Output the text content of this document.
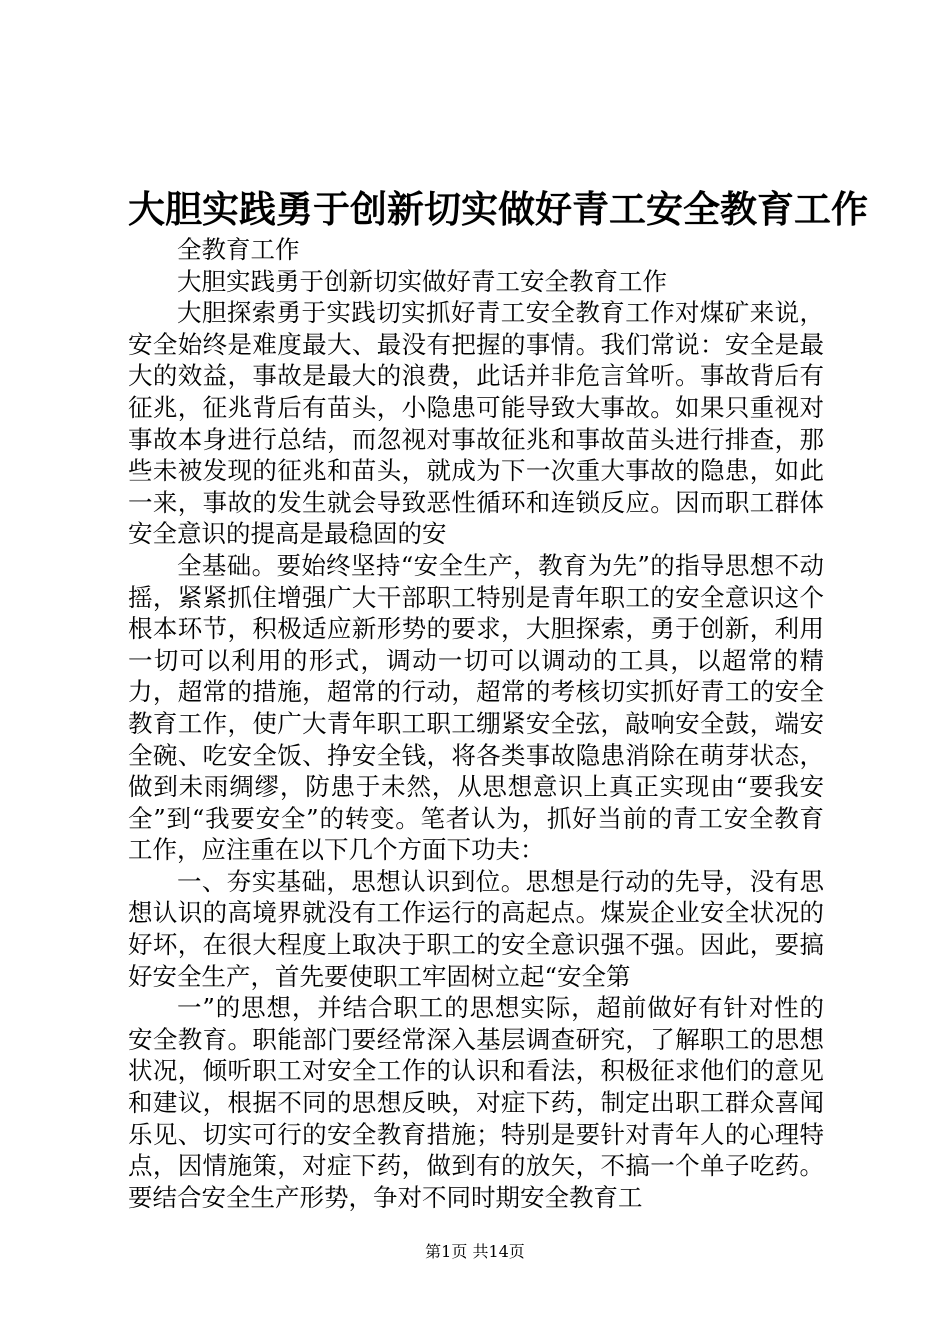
大胆实践勇于创新切实做好青工安全教育工作

全教育工作

大胆实践勇于创新切实做好青工安全教育工作

大胆探索勇于实践切实抓好青工安全教育工作对煤矿来说，安全始终是难度最大、最没有把握的事情。我们常说：安全是最大的效益，事故是最大的浪费，此话并非危言耸听。事故背后有征兆，征兆背后有苗头，小隐患可能导致大事故。如果只重视对事故本身进行总结，而忽视对事故征兆和事故苗头进行排查，那些未被发现的征兆和苗头，就成为下一次重大事故的隐患，如此一来，事故的发生就会导致恶性循环和连锁反应。因而职工群体安全意识的提高是最稳固的安

全基础。要始终坚持“安全生产，教育为先”的指导思想不动摇，紧紧抓住增强广大干部职工特别是青年职工的安全意识这个根本环节，积极适应新形势的要求，大胆探索，勇于创新，利用一切可以利用的形式，调动一切可以调动的工具，以超常的精力，超常的措施，超常的行动，超常的考核切实抓好青工的安全教育工作，使广大青年职工职工绷紧安全弦，敲响安全鼓，端安全碗、吃安全饭、挣安全钱，将各类事故隐患消除在萌芽状态，做到未雨绸缪，防患于未然，从思想意识上真正实现由“要我安全”到“我要安全”的转变。笔者认为，抓好当前的青工安全教育工作，应注重在以下几个方面下功夫：

一、夯实基础，思想认识到位。思想是行动的先导，没有思想认识的高境界就没有工作运行的高起点。煤炭企业安全状况的好坏，在很大程度上取决于职工的安全意识强不强。因此，要搞好安全生产，首先要使职工牢固树立起“安全第

一”的思想，并结合职工的思想实际，超前做好有针对性的安全教育。职能部门要经常深入基层调查研究，了解职工的思想状况，倾听职工对安全工作的认识和看法，积极征求他们的意见和建议，根据不同的思想反映，对症下药，制定出职工群众喜闻乐见、切实可行的安全教育措施；特别是要针对青年人的心理特点，因情施策，对症下药，做到有的放矢，不搞一个单子吃药。要结合安全生产形势，争对不同时期安全教育工

第1页 共14页
